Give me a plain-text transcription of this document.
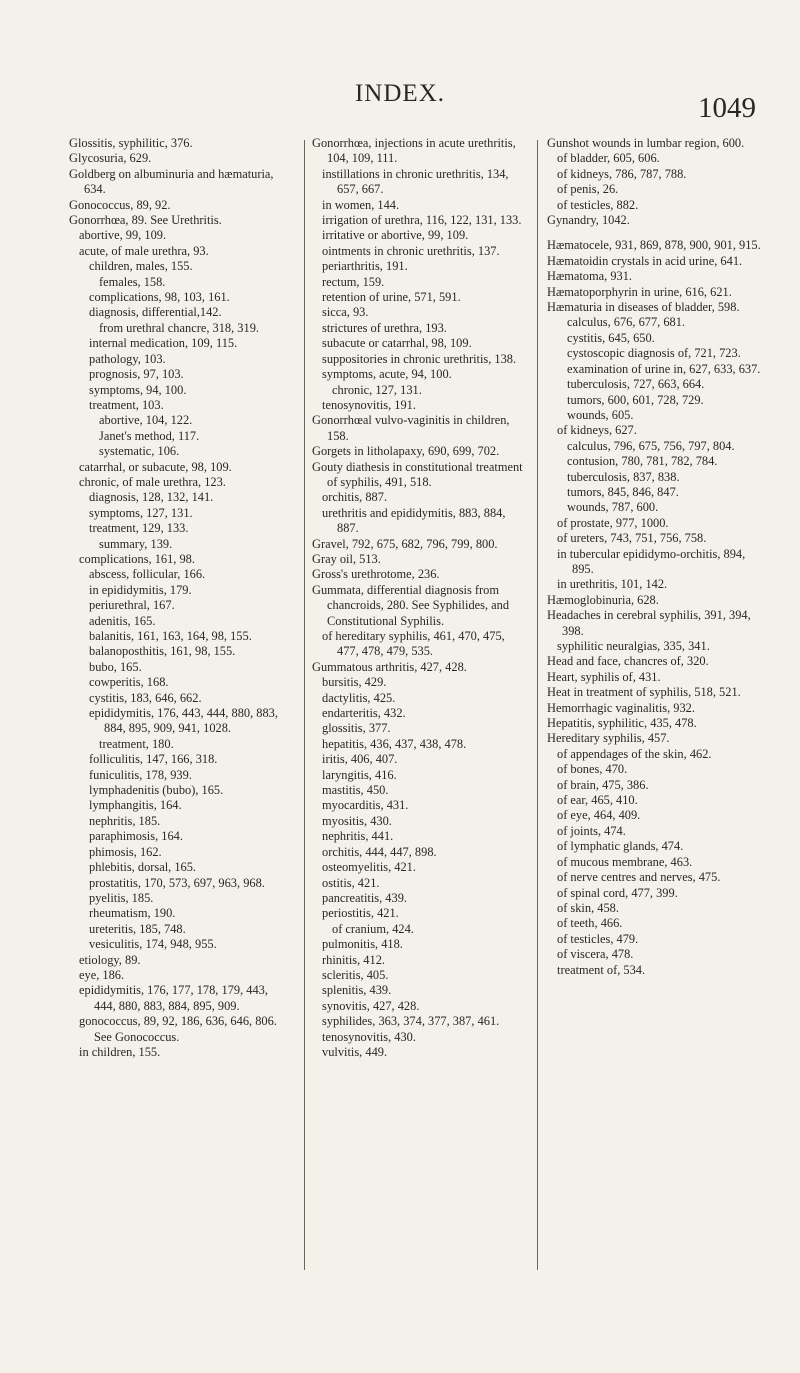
INDEX.	1049
Glossitis, syphilitic, 376.
Glycosuria, 629.
Goldberg on albuminuria and hæmaturia, 634.
Gonococcus, 89, 92.
Gonorrhœa, 89. See Urethritis.
abortive, 99, 109.
acute, of male urethra, 93.
children, males, 155.
females, 158.
complications, 98, 103, 161.
diagnosis, differential,142.
from urethral chancre, 318, 319.
internal medication, 109, 115.
pathology, 103.
prognosis, 97, 103.
symptoms, 94, 100.
treatment, 103.
abortive, 104, 122.
Janet's method, 117.
systematic, 106.
catarrhal, or subacute, 98, 109.
chronic, of male urethra, 123.
diagnosis, 128, 132, 141.
symptoms, 127, 131.
treatment, 129, 133.
summary, 139.
complications, 161, 98.
abscess, follicular, 166.
in epididymitis, 179.
periurethral, 167.
adenitis, 165.
balanitis, 161, 163, 164, 98, 155.
balanoposthitis, 161, 98, 155.
bubo, 165.
cowperitis, 168.
cystitis, 183, 646, 662.
epididymitis, 176, 443, 444, 880, 883, 884, 895, 909, 941, 1028.
treatment, 180.
folliculitis, 147, 166, 318.
funiculitis, 178, 939.
lymphadenitis (bubo), 165.
lymphangitis, 164.
nephritis, 185.
paraphimosis, 164.
phimosis, 162.
phlebitis, dorsal, 165.
prostatitis, 170, 573, 697, 963, 968.
pyelitis, 185.
rheumatism, 190.
ureteritis, 185, 748.
vesiculitis, 174, 948, 955.
etiology, 89.
eye, 186.
epididymitis, 176, 177, 178, 179, 443, 444, 880, 883, 884, 895, 909.
gonococcus, 89, 92, 186, 636, 646, 806. See Gonococcus.
in children, 155.
Gonorrhœa, injections in acute urethritis, 104, 109, 111.
instillations in chronic urethritis, 134, 657, 667.
in women, 144.
irrigation of urethra, 116, 122, 131, 133.
irritative or abortive, 99, 109.
ointments in chronic urethritis, 137.
periarthritis, 191.
rectum, 159.
retention of urine, 571, 591.
sicca, 93.
strictures of urethra, 193.
subacute or catarrhal, 98, 109.
suppositories in chronic urethritis, 138.
symptoms, acute, 94, 100.
chronic, 127, 131.
tenosynovitis, 191.
Gonorrhœal vulvo-vaginitis in children, 158.
Gorgets in litholapaxy, 690, 699, 702.
Gouty diathesis in constitutional treatment of syphilis, 491, 518.
orchitis, 887.
urethritis and epididymitis, 883, 884, 887.
Gravel, 792, 675, 682, 796, 799, 800.
Gray oil, 513.
Gross's urethrotome, 236.
Gummata, differential diagnosis from chancroids, 280. See Syphilides, and Constitutional Syphilis.
of hereditary syphilis, 461, 470, 475, 477, 478, 479, 535.
Gummatous arthritis, 427, 428.
bursitis, 429.
dactylitis, 425.
endarteritis, 432.
glossitis, 377.
hepatitis, 436, 437, 438, 478.
iritis, 406, 407.
laryngitis, 416.
mastitis, 450.
myocarditis, 431.
myositis, 430.
nephritis, 441.
orchitis, 444, 447, 898.
osteomyelitis, 421.
ostitis, 421.
pancreatitis, 439.
periostitis, 421.
of cranium, 424.
pulmonitis, 418.
rhinitis, 412.
scleritis, 405.
splenitis, 439.
synovitis, 427, 428.
syphilides, 363, 374, 377, 387, 461.
tenosynovitis, 430.
vulvitis, 449.
Gunshot wounds in lumbar region, 600.
of bladder, 605, 606.
of kidneys, 786, 787, 788.
of penis, 26.
of testicles, 882.
Gynandry, 1042.
Hæmatocele, 931, 869, 878, 900, 901, 915.
Hæmatoidin crystals in acid urine, 641.
Hæmatoma, 931.
Hæmatoporphyrin in urine, 616, 621.
Hæmaturia in diseases of bladder, 598.
calculus, 676, 677, 681.
cystitis, 645, 650.
cystoscopic diagnosis of, 721, 723.
examination of urine in, 627, 633, 637.
tuberculosis, 727, 663, 664.
tumors, 600, 601, 728, 729.
wounds, 605.
of kidneys, 627.
calculus, 796, 675, 756, 797, 804.
contusion, 780, 781, 782, 784.
tuberculosis, 837, 838.
tumors, 845, 846, 847.
wounds, 787, 600.
of prostate, 977, 1000.
of ureters, 743, 751, 756, 758.
in tubercular epididymo-orchitis, 894, 895.
in urethritis, 101, 142.
Hæmoglobinuria, 628.
Headaches in cerebral syphilis, 391, 394, 398.
syphilitic neuralgias, 335, 341.
Head and face, chancres of, 320.
Heart, syphilis of, 431.
Heat in treatment of syphilis, 518, 521.
Hemorrhagic vaginalitis, 932.
Hepatitis, syphilitic, 435, 478.
Hereditary syphilis, 457.
of appendages of the skin, 462.
of bones, 470.
of brain, 475, 386.
of ear, 465, 410.
of eye, 464, 409.
of joints, 474.
of lymphatic glands, 474.
of mucous membrane, 463.
of nerve centres and nerves, 475.
of spinal cord, 477, 399.
of skin, 458.
of teeth, 466.
of testicles, 479.
of viscera, 478.
treatment of, 534.
